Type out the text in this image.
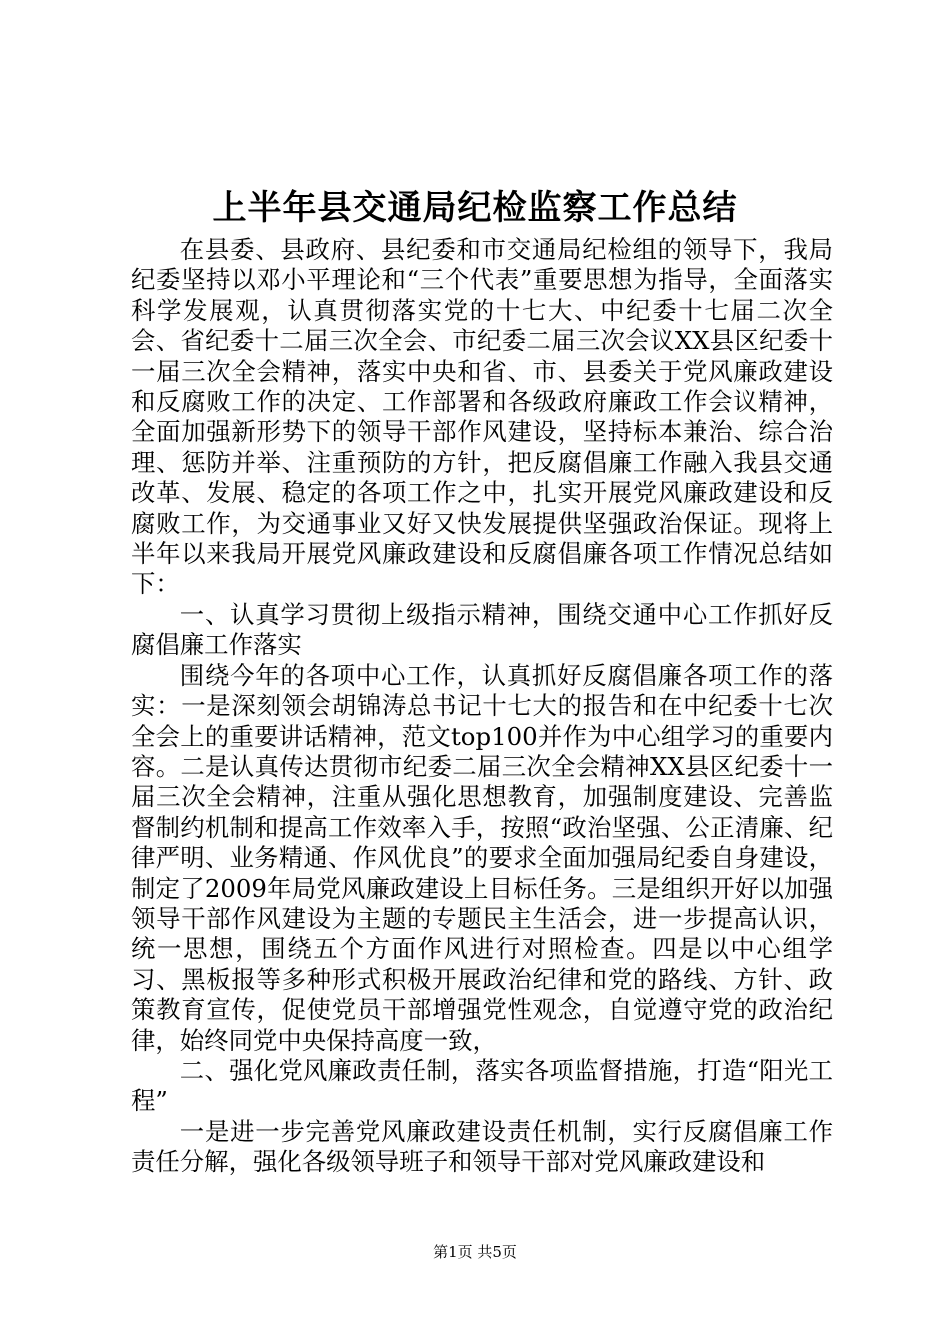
上半年县交通局纪检监察工作总结

在县委、县政府、县纪委和市交通局纪检组的领导下，我局纪委坚持以邓小平理论和“三个代表”重要思想为指导，全面落实科学发展观，认真贯彻落实党的十七大、中纪委十七届二次全会、省纪委十二届三次全会、市纪委二届三次会议XX县区纪委十一届三次全会精神，落实中央和省、市、县委关于党风廉政建设和反腐败工作的决定、工作部署和各级政府廉政工作会议精神，全面加强新形势下的领导干部作风建设，坚持标本兼治、综合治理、惩防并举、注重预防的方针，把反腐倡廉工作融入我县交通改革、发展、稳定的各项工作之中，扎实开展党风廉政建设和反腐败工作，为交通事业又好又快发展提供坚强政治保证。现将上半年以来我局开展党风廉政建设和反腐倡廉各项工作情况总结如下：

一、认真学习贯彻上级指示精神，围绕交通中心工作抓好反腐倡廉工作落实

围绕今年的各项中心工作，认真抓好反腐倡廉各项工作的落实：一是深刻领会胡锦涛总书记十七大的报告和在中纪委十七次全会上的重要讲话精神，范文top100并作为中心组学习的重要内容。二是认真传达贯彻市纪委二届三次全会精神XX县区纪委十一届三次全会精神，注重从强化思想教育，加强制度建设、完善监督制约机制和提高工作效率入手，按照“政治坚强、公正清廉、纪律严明、业务精通、作风优良”的要求全面加强局纪委自身建设，制定了2009年局党风廉政建设上目标任务。三是组织开好以加强领导干部作风建设为主题的专题民主生活会，进一步提高认识，统一思想，围绕五个方面作风进行对照检查。四是以中心组学习、黑板报等多种形式积极开展政治纪律和党的路线、方针、政策教育宣传，促使党员干部增强党性观念，自觉遵守党的政治纪律，始终同党中央保持高度一致，

二、强化党风廉政责任制，落实各项监督措施，打造“阳光工程”

一是进一步完善党风廉政建设责任机制，实行反腐倡廉工作责任分解，强化各级领导班子和领导干部对党风廉政建设和

第1页 共5页
